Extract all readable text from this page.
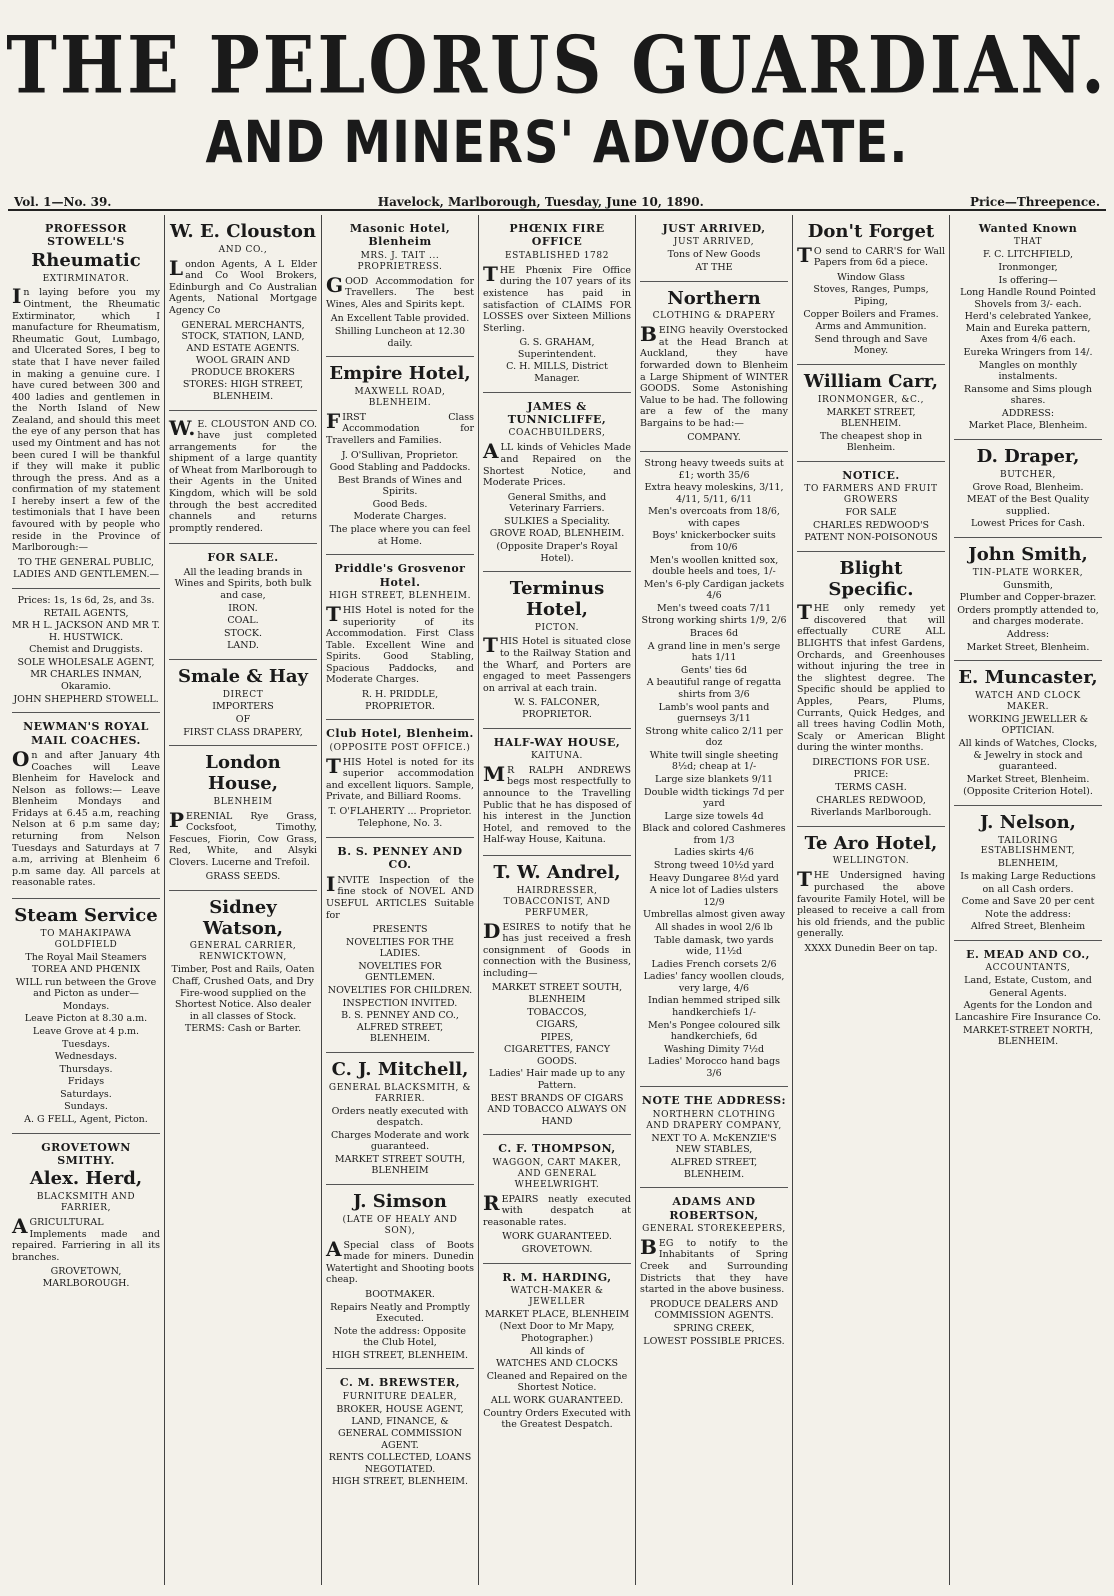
THE PELORUS GUARDIAN.
AND MINERS' ADVOCATE.
Vol. 1—No. 39.	Havelock, Marlborough, Tuesday, June 10, 1890.	Price—Threepence.
PROFESSOR STOWELL'S
Rheumatic
EXTIRMINATOR.
In laying before you my Ointment, the Rheumatic Extirminator, which I manufacture for Rheumatism, Rheumatic Gout, Lumbago, and Ulcerated Sores, I beg to state that I have never failed in making a genuine cure. I have cured between 300 and 400 ladies and gentlemen in the North Island of New Zealand, and should this meet the eye of any person that has used my Ointment and has not been cured I will be thankful if they will make it public through the press. And as a confirmation of my statement I hereby insert a few of the testimonials that I have been favoured with by people who reside in the Province of Marlborough:—
TO THE GENERAL PUBLIC,
LADIES AND GENTLEMEN.—
Prices: 1s, 1s 6d, 2s, and 3s.
RETAIL AGENTS,
MR H L. JACKSON AND MR T. H. HUSTWICK.
Chemist and Druggists.
SOLE WHOLESALE AGENT,
MR CHARLES INMAN, Okaramio.
JOHN SHEPHERD STOWELL.
NEWMAN'S ROYAL MAIL COACHES.
On and after January 4th Coaches will Leave Blenheim for Havelock and Nelson as follows:— Leave Blenheim Mondays and Fridays at 6.45 a.m, reaching Nelson at 6 p.m same day; returning from Nelson Tuesdays and Saturdays at 7 a.m, arriving at Blenheim 6 p.m same day. All parcels at reasonable rates.
Steam Service
TO MAHAKIPAWA GOLDFIELD
The Royal Mail Steamers
TOREA AND PHŒNIX
WILL run between the Grove and Picton as under—
Mondays.
Leave Picton at 8.30 a.m.
Leave Grove at 4 p.m.
Tuesdays.
Wednesdays.
Thursdays.
Fridays
Saturdays.
Sundays.
A. G FELL, Agent, Picton.
GROVETOWN SMITHY.
Alex. Herd,
BLACKSMITH AND FARRIER,
AGRICULTURAL Implements made and repaired. Farriering in all its branches.
GROVETOWN, MARLBOROUGH.
W. E. Clouston
AND CO.,
London Agents, A L Elder and Co Wool Brokers, Edinburgh and Co Australian Agents, National Mortgage Agency Co
GENERAL MERCHANTS, STOCK, STATION, LAND, AND ESTATE AGENTS.
WOOL GRAIN AND PRODUCE BROKERS
STORES: HIGH STREET, BLENHEIM.
W.E. CLOUSTON AND CO. have just completed arrangements for the shipment of a large quantity of Wheat from Marlborough to their Agents in the United Kingdom, which will be sold through the best accredited channels and returns promptly rendered.
FOR SALE.
All the leading brands in Wines and Spirits, both bulk and case,
IRON.
COAL.
STOCK.
LAND.
Smale & Hay
DIRECT
IMPORTERS
OF
FIRST CLASS DRAPERY,
London House,
BLENHEIM
PERENIAL Rye Grass, Cocksfoot, Timothy, Fescues, Fiorin, Cow Grass, Red, White, and Alsyki Clovers. Lucerne and Trefoil.
GRASS SEEDS.
Sidney Watson,
GENERAL CARRIER, RENWICKTOWN,
Timber, Post and Rails, Oaten Chaff, Crushed Oats, and Dry Fire-wood supplied on the Shortest Notice. Also dealer in all classes of Stock.
TERMS: Cash or Barter.
Masonic Hotel, Blenheim
MRS. J. TAIT ... PROPRIETRESS.
GOOD Accommodation for Travellers. The best Wines, Ales and Spirits kept.
An Excellent Table provided.
Shilling Luncheon at 12.30 daily.
Empire Hotel,
MAXWELL ROAD, BLENHEIM.
FIRST Class Accommodation for Travellers and Families.
J. O'Sullivan, Proprietor.
Good Stabling and Paddocks.
Best Brands of Wines and Spirits.
Good Beds.
Moderate Charges.
The place where you can feel at Home.
Priddle's Grosvenor Hotel.
HIGH STREET, BLENHEIM.
THIS Hotel is noted for the superiority of its Accommodation. First Class Table. Excellent Wine and Spirits. Good Stabling, Spacious Paddocks, and Moderate Charges.
R. H. PRIDDLE, PROPRIETOR.
Club Hotel, Blenheim.
(OPPOSITE POST OFFICE.)
THIS Hotel is noted for its superior accommodation and excellent liquors. Sample, Private, and Billiard Rooms.
T. O'FLAHERTY ... Proprietor.
Telephone, No. 3.
B. S. PENNEY AND CO.
INVITE Inspection of the fine stock of NOVEL AND USEFUL ARTICLES Suitable for
PRESENTS
NOVELTIES FOR THE LADIES.
NOVELTIES FOR GENTLEMEN.
NOVELTIES FOR CHILDREN.
INSPECTION INVITED.
B. S. PENNEY AND CO., ALFRED STREET, BLENHEIM.
C. J. Mitchell,
GENERAL BLACKSMITH, & FARRIER.
Orders neatly executed with despatch.
Charges Moderate and work guaranteed.
MARKET STREET SOUTH, BLENHEIM
J. Simson
(LATE OF HEALY AND SON),
ASpecial class of Boots made for miners. Dunedin Watertight and Shooting boots cheap.
BOOTMAKER.
Repairs Neatly and Promptly Executed.
Note the address: Opposite the Club Hotel,
HIGH STREET, BLENHEIM.
C. M. BREWSTER,
FURNITURE DEALER,
BROKER, HOUSE AGENT,
LAND, FINANCE, & GENERAL COMMISSION AGENT.
RENTS COLLECTED, LOANS NEGOTIATED.
HIGH STREET, BLENHEIM.
PHŒNIX FIRE OFFICE
ESTABLISHED 1782
THE Phœnix Fire Office during the 107 years of its existence has paid in satisfaction of CLAIMS FOR LOSSES over Sixteen Millions Sterling.
G. S. GRAHAM, Superintendent.
C. H. MILLS, District Manager.
JAMES & TUNNICLIFFE,
COACHBUILDERS,
ALL kinds of Vehicles Made and Repaired on the Shortest Notice, and Moderate Prices.
General Smiths, and Veterinary Farriers.
SULKIES a Speciality.
GROVE ROAD, BLENHEIM.
(Opposite Draper's Royal Hotel).
Terminus Hotel,
PICTON.
THIS Hotel is situated close to the Railway Station and the Wharf, and Porters are engaged to meet Passengers on arrival at each train.
W. S. FALCONER, PROPRIETOR.
HALF-WAY HOUSE,
KAITUNA.
MR RALPH ANDREWS begs most respectfully to announce to the Travelling Public that he has disposed of his interest in the Junction Hotel, and removed to the Half-way House, Kaituna.
T. W. Andrel,
HAIRDRESSER, TOBACCONIST, AND PERFUMER,
DESIRES to notify that he has just received a fresh consignment of Goods in connection with the Business, including—
MARKET STREET SOUTH, BLENHEIM
TOBACCOS,
CIGARS,
PIPES,
CIGARETTES, FANCY GOODS.
Ladies' Hair made up to any Pattern.
BEST BRANDS OF CIGARS AND TOBACCO ALWAYS ON HAND
C. F. THOMPSON,
WAGGON, CART MAKER, AND GENERAL WHEELWRIGHT.
REPAIRS neatly executed with despatch at reasonable rates.
WORK GUARANTEED.
GROVETOWN.
R. M. HARDING,
WATCH-MAKER & JEWELLER
MARKET PLACE, BLENHEIM
(Next Door to Mr Mapy, Photographer.)
All kinds of
WATCHES AND CLOCKS
Cleaned and Repaired on the Shortest Notice.
ALL WORK GUARANTEED.
Country Orders Executed with the Greatest Despatch.
JUST ARRIVED,
JUST ARRIVED,
Tons of New Goods
AT THE
Northern
CLOTHING & DRAPERY
BEING heavily Overstocked at the Head Branch at Auckland, they have forwarded down to Blenheim a Large Shipment of WINTER GOODS. Some Astonishing Value to be had. The following are a few of the many Bargains to be had:—
COMPANY.
Strong heavy tweeds suits at £1; worth 35/6
Extra heavy moleskins, 3/11, 4/11, 5/11, 6/11
Men's overcoats from 18/6, with capes
Boys' knickerbocker suits from 10/6
Men's woollen knitted sox, double heels and toes, 1/-
Men's 6-ply Cardigan jackets 4/6
Men's tweed coats 7/11
Strong working shirts 1/9, 2/6
Braces 6d
A grand line in men's serge hats 1/11
Gents' ties 6d
A beautiful range of regatta shirts from 3/6
Lamb's wool pants and guernseys 3/11
Strong white calico 2/11 per doz
White twill single sheeting 8½d; cheap at 1/-
Large size blankets 9/11
Double width tickings 7d per yard
Large size towels 4d
Black and colored Cashmeres from 1/3
Ladies skirts 4/6
Strong tweed 10½d yard
Heavy Dungaree 8½d yard
A nice lot of Ladies ulsters 12/9
Umbrellas almost given away
All shades in wool 2/6 lb
Table damask, two yards wide, 11½d
Ladies French corsets 2/6
Ladies' fancy woollen clouds, very large, 4/6
Indian hemmed striped silk handkerchiefs 1/-
Men's Pongee coloured silk handkerchiefs, 6d
Washing Dimity 7½d
Ladies' Morocco hand bags 3/6
NOTE THE ADDRESS:
NORTHERN CLOTHING AND DRAPERY COMPANY,
NEXT TO A. McKENZIE'S NEW STABLES,
ALFRED STREET, BLENHEIM.
ADAMS AND ROBERTSON,
GENERAL STOREKEEPERS,
BEG to notify to the Inhabitants of Spring Creek and Surrounding Districts that they have started in the above business.
PRODUCE DEALERS AND COMMISSION AGENTS.
SPRING CREEK,
LOWEST POSSIBLE PRICES.
Don't Forget
TO send to CARR'S for Wall Papers from 6d a piece.
Window Glass
Stoves, Ranges, Pumps, Piping,
Copper Boilers and Frames.
Arms and Ammunition.
Send through and Save Money.
William Carr,
IRONMONGER, &C.,
MARKET STREET, BLENHEIM.
The cheapest shop in Blenheim.
NOTICE.
TO FARMERS AND FRUIT GROWERS
FOR SALE
CHARLES REDWOOD'S
PATENT NON-POISONOUS
Blight Specific.
THE only remedy yet discovered that will effectually CURE ALL BLIGHTS that infest Gardens, Orchards, and Greenhouses without injuring the tree in the slightest degree. The Specific should be applied to Apples, Pears, Plums, Currants, Quick Hedges, and all trees having Codlin Moth, Scaly or American Blight during the winter months.
DIRECTIONS FOR USE.
PRICE:
TERMS CASH.
CHARLES REDWOOD,
Riverlands Marlborough.
Te Aro Hotel,
WELLINGTON.
THE Undersigned having purchased the above favourite Family Hotel, will be pleased to receive a call from his old friends, and the public generally.
XXXX Dunedin Beer on tap.
Wanted Known
THAT
F. C. LITCHFIELD,
Ironmonger,
Is offering—
Long Handle Round Pointed Shovels from 3/- each.
Herd's celebrated Yankee, Main and Eureka pattern, Axes from 4/6 each.
Eureka Wringers from 14/.
Mangles on monthly instalments.
Ransome and Sims plough shares.
ADDRESS:
Market Place, Blenheim.
D. Draper,
BUTCHER,
Grove Road, Blenheim.
MEAT of the Best Quality supplied.
Lowest Prices for Cash.
John Smith,
TIN-PLATE WORKER,
Gunsmith,
Plumber and Copper-brazer.
Orders promptly attended to, and charges moderate.
Address:
Market Street, Blenheim.
E. Muncaster,
WATCH AND CLOCK MAKER.
WORKING JEWELLER & OPTICIAN.
All kinds of Watches, Clocks, & Jewelry in stock and guaranteed.
Market Street, Blenheim.
(Opposite Criterion Hotel).
J. Nelson,
TAILORING ESTABLISHMENT,
BLENHEIM,
Is making Large Reductions
on all Cash orders.
Come and Save 20 per cent
Note the address:
Alfred Street, Blenheim
E. MEAD AND CO.,
ACCOUNTANTS,
Land, Estate, Custom, and
General Agents.
Agents for the London and Lancashire Fire Insurance Co.
MARKET-STREET NORTH, BLENHEIM.
